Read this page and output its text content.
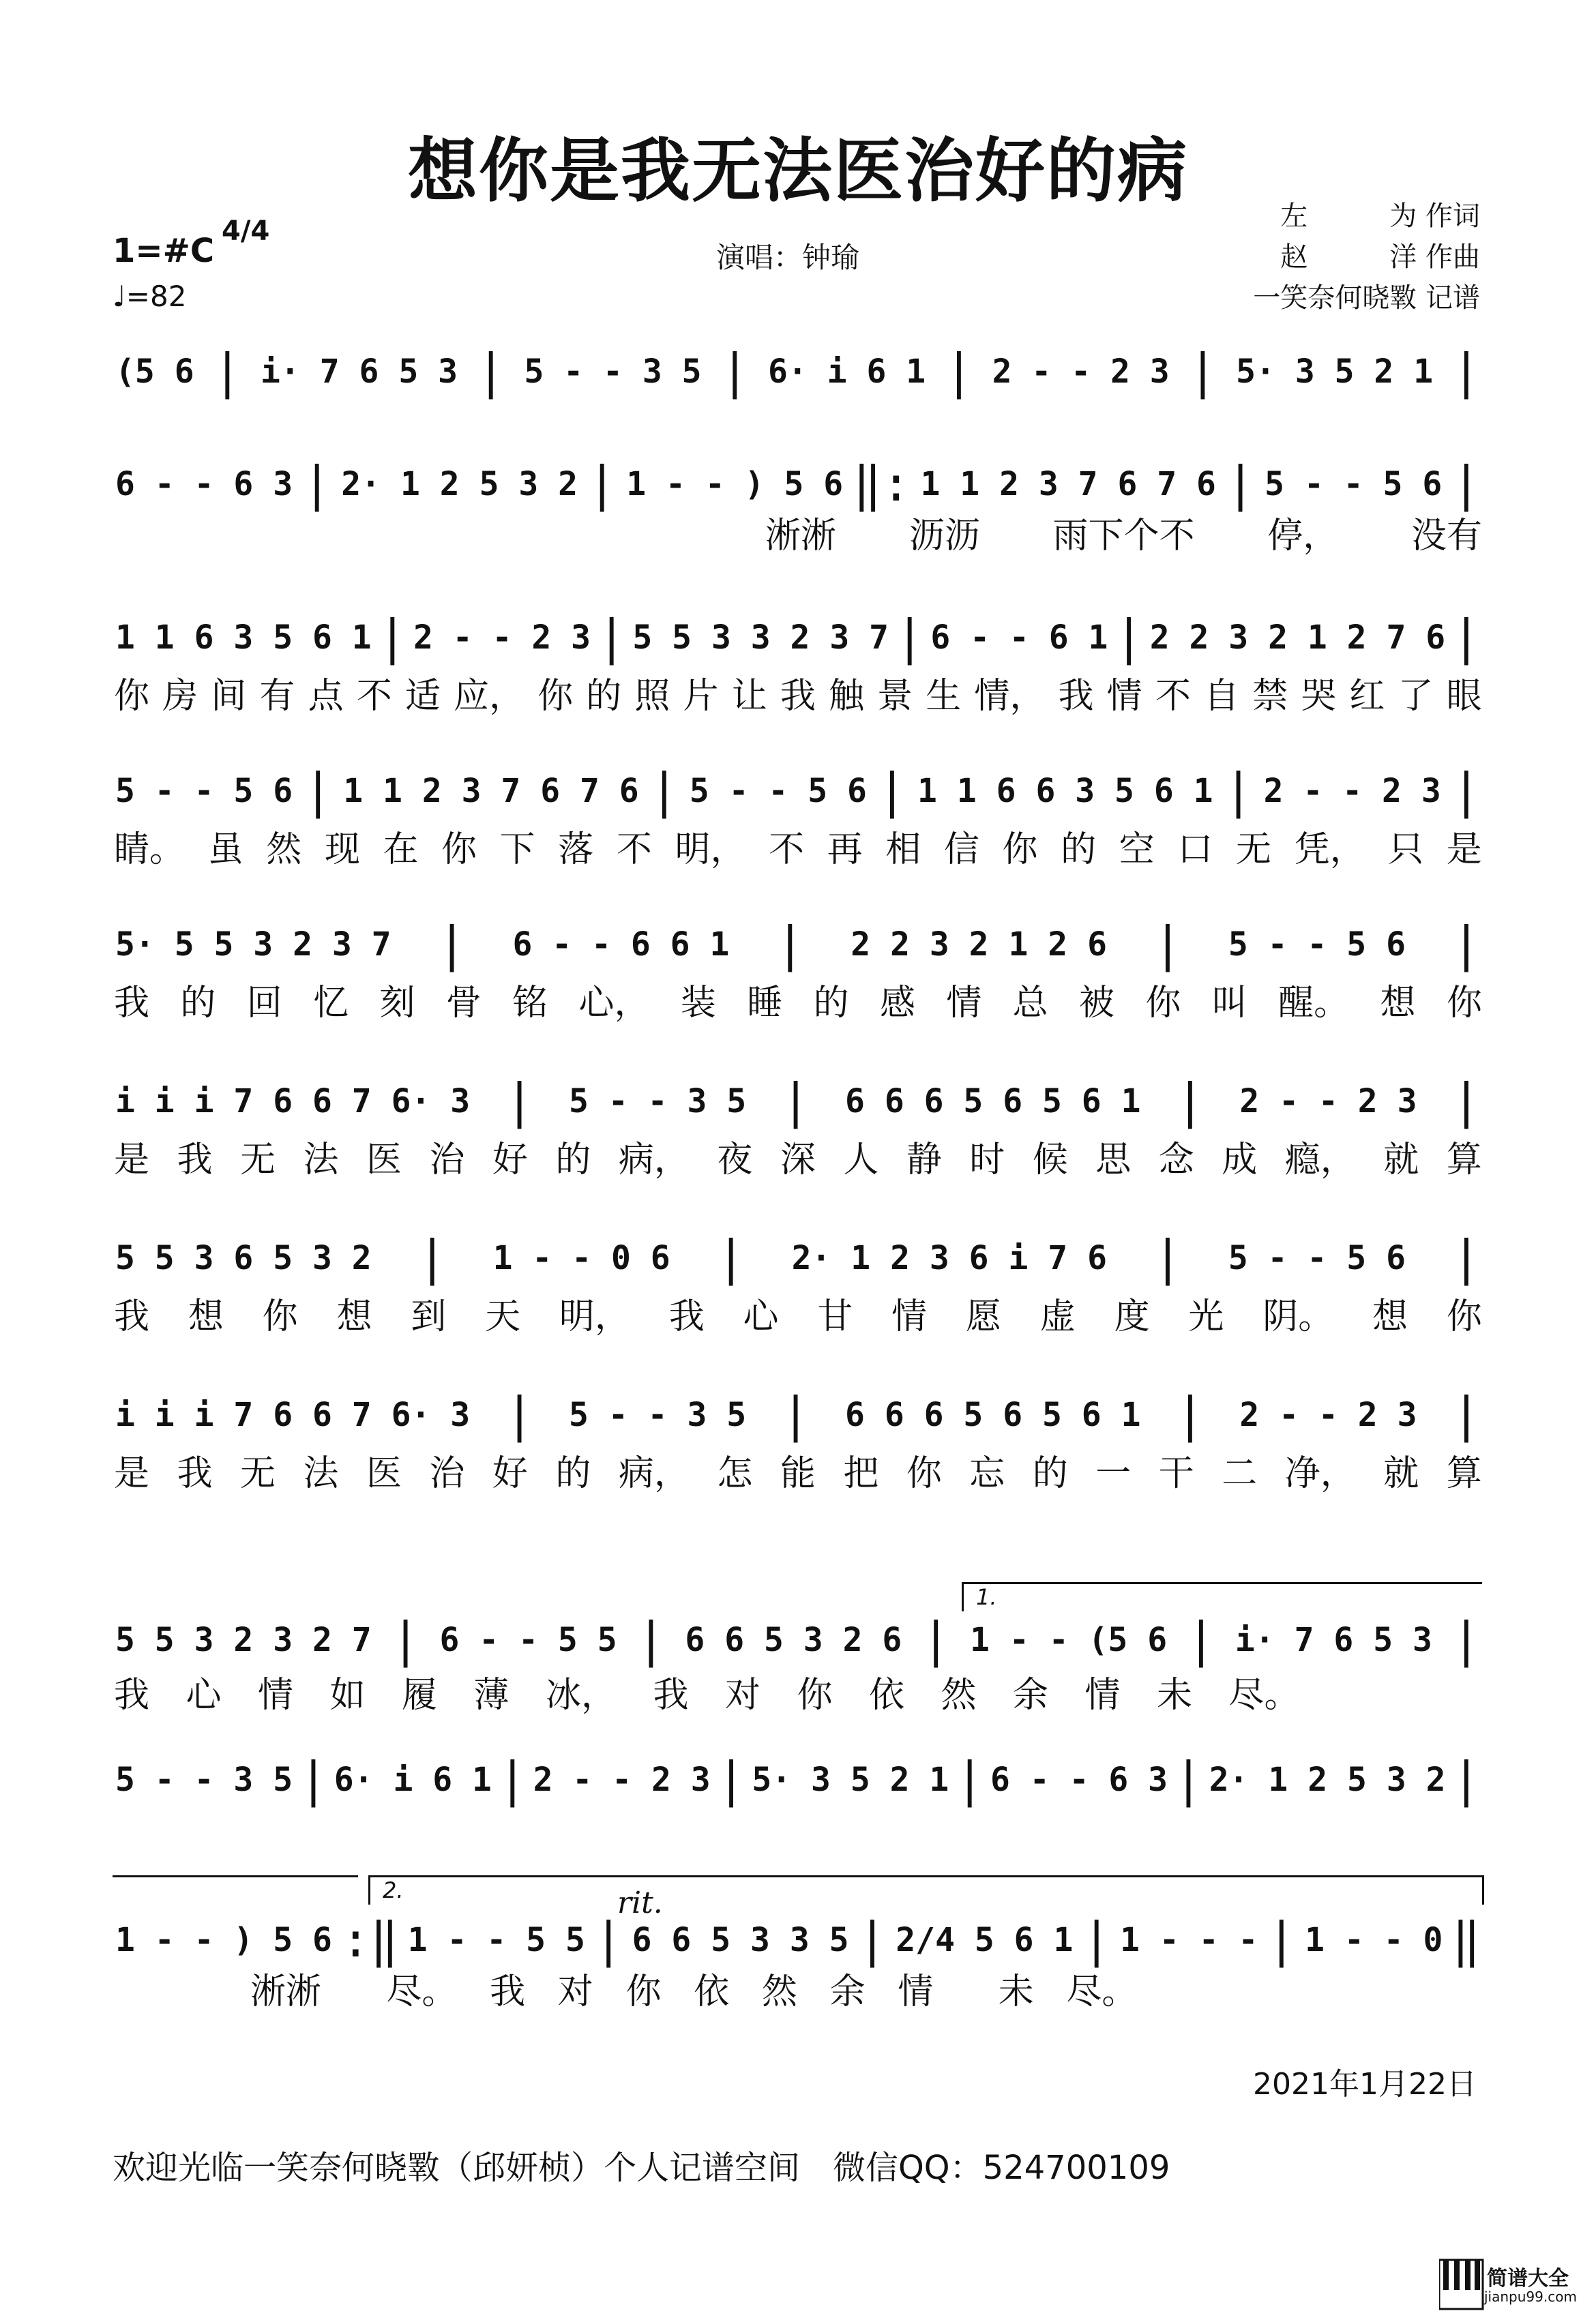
想你是我无法医治好的病
1=#C
4/4
♩=82
演唱：钟瑜
左　　　为 作词
赵　　　洋 作曲
一笑奈何晓斁 记谱
(5 6 | i· 7 6 5 3 | 5 - - 3 5 | 6· i 6 1 | 2 - - 2 3 | 5· 3 5 2 1 |
6 - - 6 3 | 2· 1 2 5 3 2 | 1 - - ) 5 6 ‖: 1 1 2 3 7 6 7 6 | 5 - - 5 6 |
淅淅 沥沥 雨下个不 停， 没有
1 1 6 3 5 6 1 | 2 - - 2 3 | 5 5 3 3 2 3 7 | 6 - - 6 1 | 2 2 3 2 1 2 7 6 |
你 房 间 有 点 不 适 应， 你 的 照 片 让 我 触 景 生 情， 我 情 不 自 禁 哭 红 了 眼
5 - - 5 6 | 1 1 2 3 7 6 7 6 | 5 - - 5 6 | 1 1 6 6 3 5 6 1 | 2 - - 2 3 |
睛。 虽 然 现 在 你 下 落 不 明， 不 再 相 信 你 的 空 口 无 凭， 只 是
5· 5 5 3 2 3 7 | 6 - - 6 6 1 | 2 2 3 2 1 2 6 | 5 - - 5 6 |
我 的 回 忆 刻 骨 铭 心， 装 睡 的 感 情 总 被 你 叫 醒。 想 你
i i i 7 6 6 7 6· 3 | 5 - - 3 5 | 6 6 6 5 6 5 6 1 | 2 - - 2 3 |
是 我 无 法 医 治 好 的 病， 夜 深 人 静 时 候 思 念 成 瘾， 就 算
5 5 3 6 5 3 2 | 1 - - 0 6 | 2· 1 2 3 6 i 7 6 | 5 - - 5 6 |
我 想 你 想 到 天 明， 我 心 甘 情 愿 虚 度 光 阴。 想 你
i i i 7 6 6 7 6· 3 | 5 - - 3 5 | 6 6 6 5 6 5 6 1 | 2 - - 2 3 |
是 我 无 法 医 治 好 的 病， 怎 能 把 你 忘 的 一 干 二 净， 就 算
5 5 3 2 3 2 7 | 6 - - 5 5 | 6 6 5 3 2 6 | 1 - - (5 6 | i· 7 6 5 3 |
我 心 情 如 履 薄 冰， 我 对 你 依 然 余 情 未 尽。
5 - - 3 5 | 6· i 6 1 | 2 - - 2 3 | 5· 3 5 2 1 | 6 - - 6 3 | 2· 1 2 5 3 2 |
1 - - ) 5 6 :‖ 1 - - 5 5 | 6 6 5 3 3 5 | 2/4 5 6 1 | 1 - - - | 1 - - 0 ‖
淅淅 尽。 我 对 你 依 然 余 情 未 尽。
1.
2.	rit.
2021年1月22日
欢迎光临一笑奈何晓斁（邱妍桢）个人记谱空间　微信QQ：524700109
简谱大全
jianpu99.com
